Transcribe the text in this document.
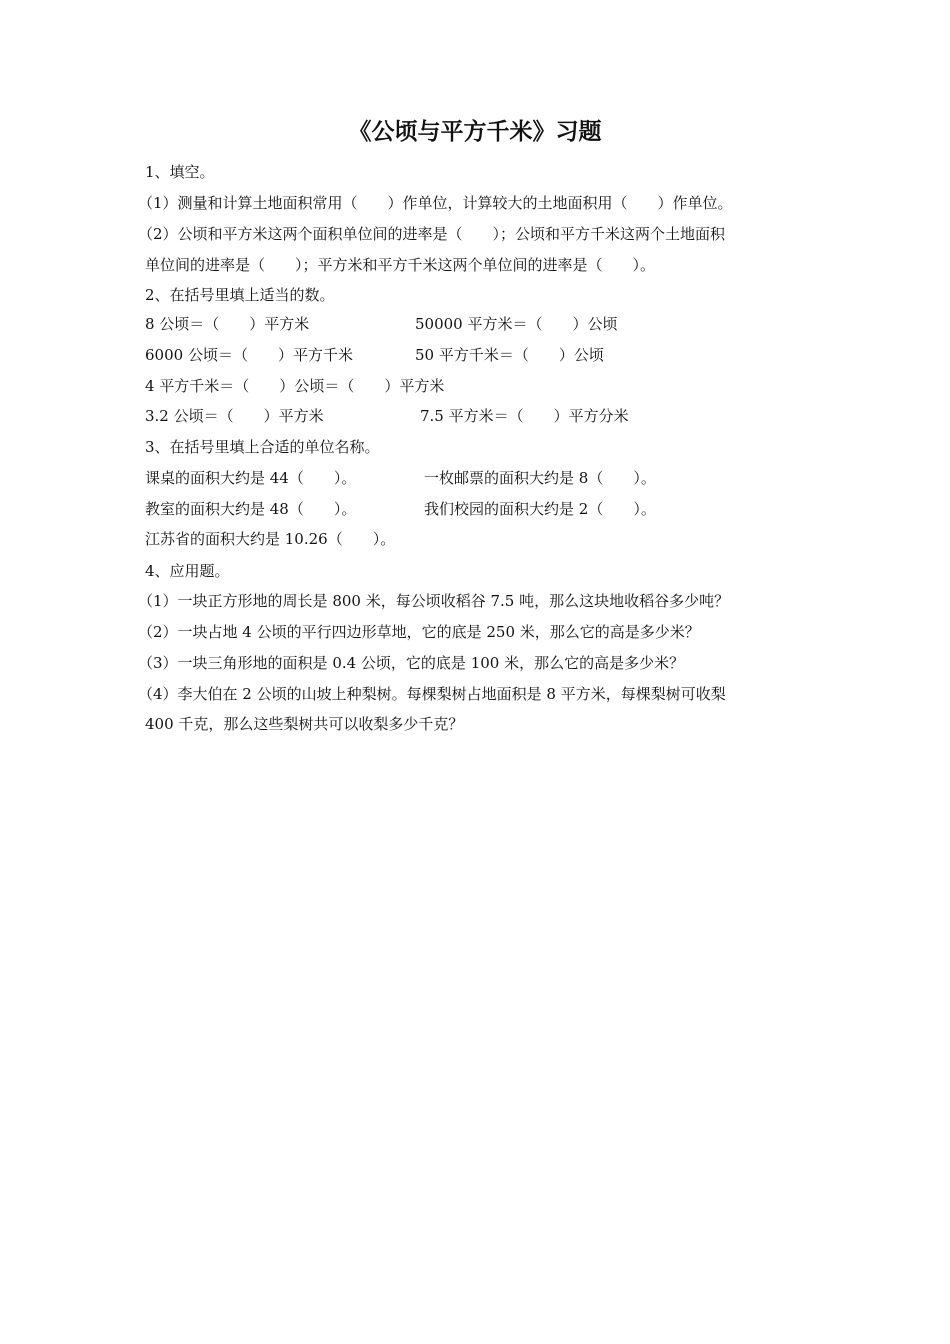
《公顷与平方千米》习题
1、填空。
（1）测量和计算土地面积常用（　　）作单位，计算较大的土地面积用（　　）作单位。
（2）公顷和平方米这两个面积单位间的进率是（　　）；公顷和平方千米这两个土地面积
单位间的进率是（　　）；平方米和平方千米这两个单位间的进率是（　　）。
2、在括号里填上适当的数。
8 公顷＝（　　）平方米	50000 平方米＝（　　）公顷
6000 公顷＝（　　）平方千米	50 平方千米＝（　　）公顷
4 平方千米＝（　　）公顷＝（　　）平方米
3.2 公顷＝（　　）平方米	7.5 平方米＝（　　）平方分米
3、在括号里填上合适的单位名称。
课桌的面积大约是 44（　　）。	一枚邮票的面积大约是 8（　　）。
教室的面积大约是 48（　　）。	我们校园的面积大约是 2（　　）。
江苏省的面积大约是 10.26（　　）。
4、应用题。
（1）一块正方形地的周长是 800 米，每公顷收稻谷 7.5 吨，那么这块地收稻谷多少吨？
（2）一块占地 4 公顷的平行四边形草地，它的底是 250 米，那么它的高是多少米？
（3）一块三角形地的面积是 0.4 公顷，它的底是 100 米，那么它的高是多少米？
（4）李大伯在 2 公顷的山坡上种梨树。每棵梨树占地面积是 8 平方米，每棵梨树可收梨
400 千克，那么这些梨树共可以收梨多少千克？
